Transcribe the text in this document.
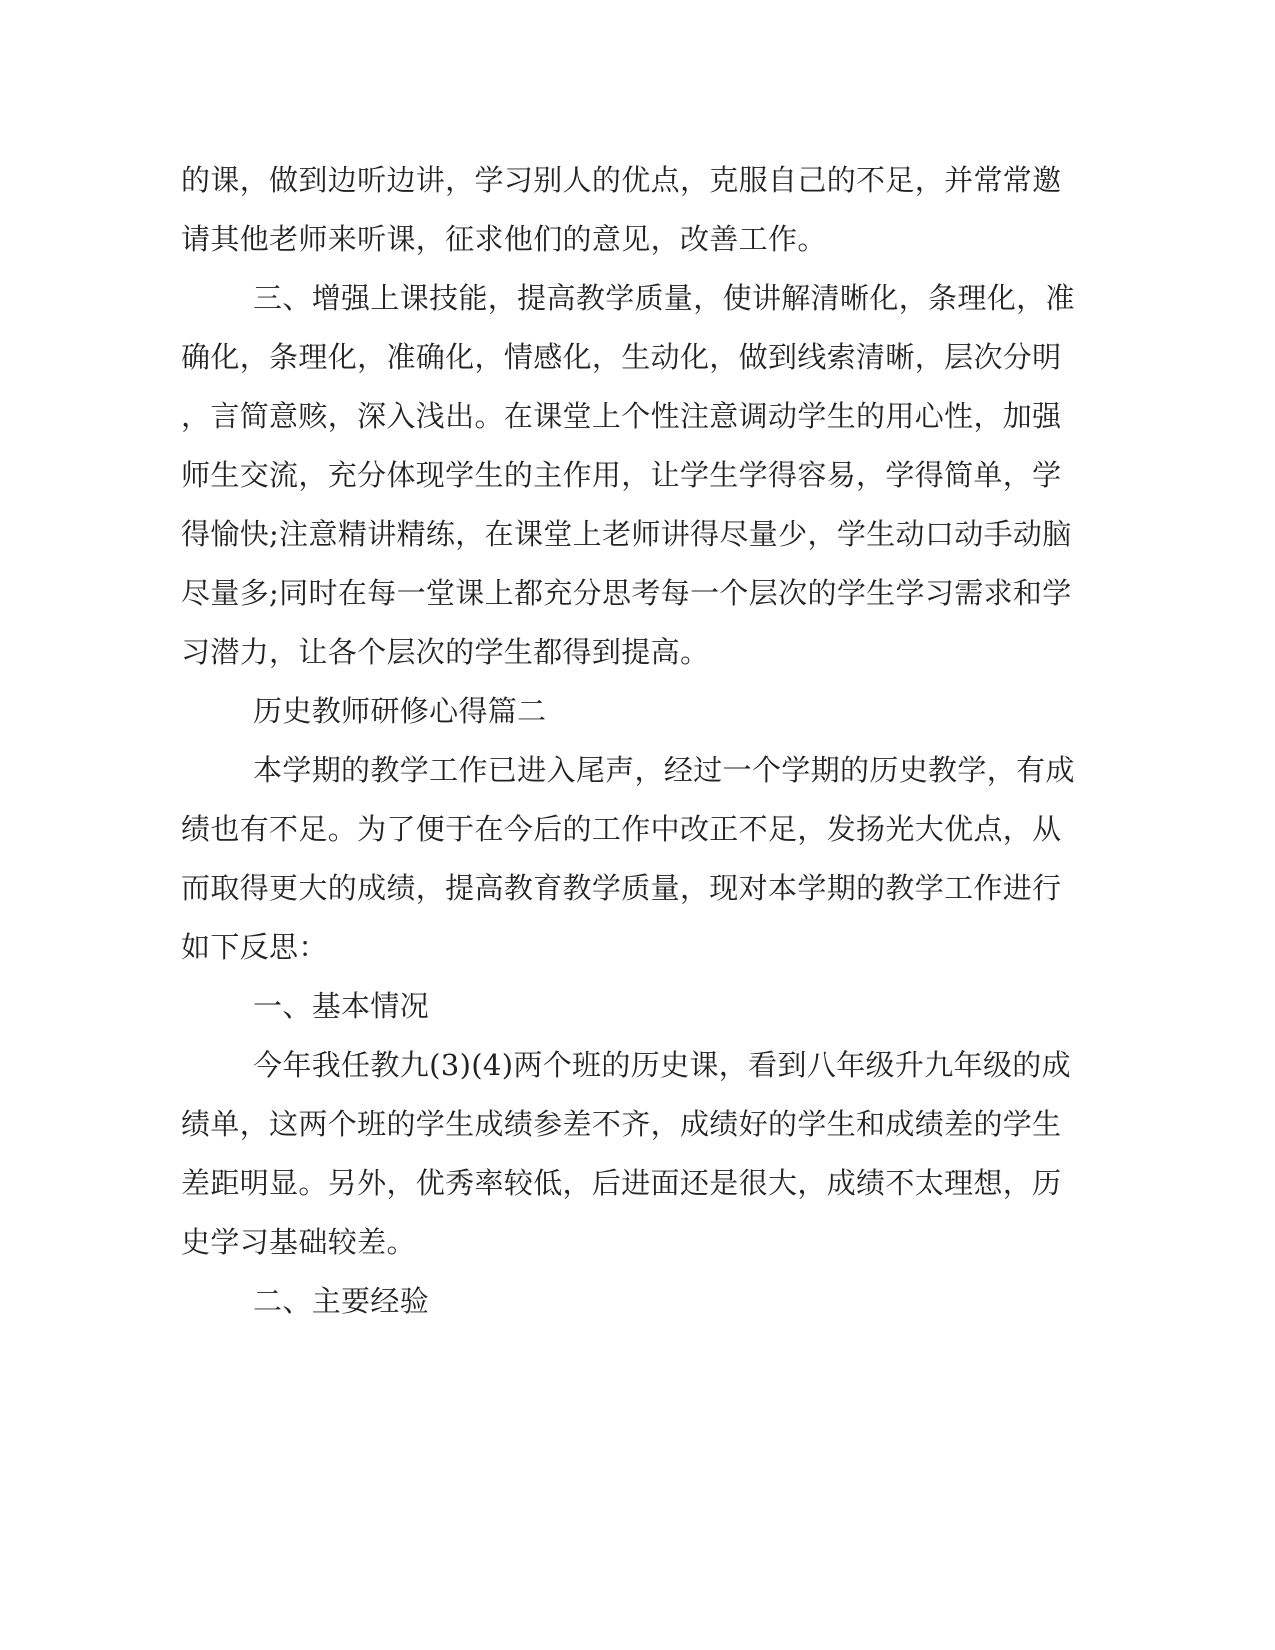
的课，做到边听边讲，学习别人的优点，克服自己的不足，并常常邀
请其他老师来听课，征求他们的意见，改善工作。
三、增强上课技能，提高教学质量，使讲解清晰化，条理化，准
确化，条理化，准确化，情感化，生动化，做到线索清晰，层次分明
，言简意赅，深入浅出。在课堂上个性注意调动学生的用心性，加强
师生交流，充分体现学生的主作用，让学生学得容易，学得简单，学
得愉快;注意精讲精练，在课堂上老师讲得尽量少，学生动口动手动脑
尽量多;同时在每一堂课上都充分思考每一个层次的学生学习需求和学
习潜力，让各个层次的学生都得到提高。
历史教师研修心得篇二
本学期的教学工作已进入尾声，经过一个学期的历史教学，有成
绩也有不足。为了便于在今后的工作中改正不足，发扬光大优点，从
而取得更大的成绩，提高教育教学质量，现对本学期的教学工作进行
如下反思：
一、基本情况
今年我任教九(3)(4)两个班的历史课，看到八年级升九年级的成
绩单，这两个班的学生成绩参差不齐，成绩好的学生和成绩差的学生
差距明显。另外，优秀率较低，后进面还是很大，成绩不太理想，历
史学习基础较差。
二、主要经验
